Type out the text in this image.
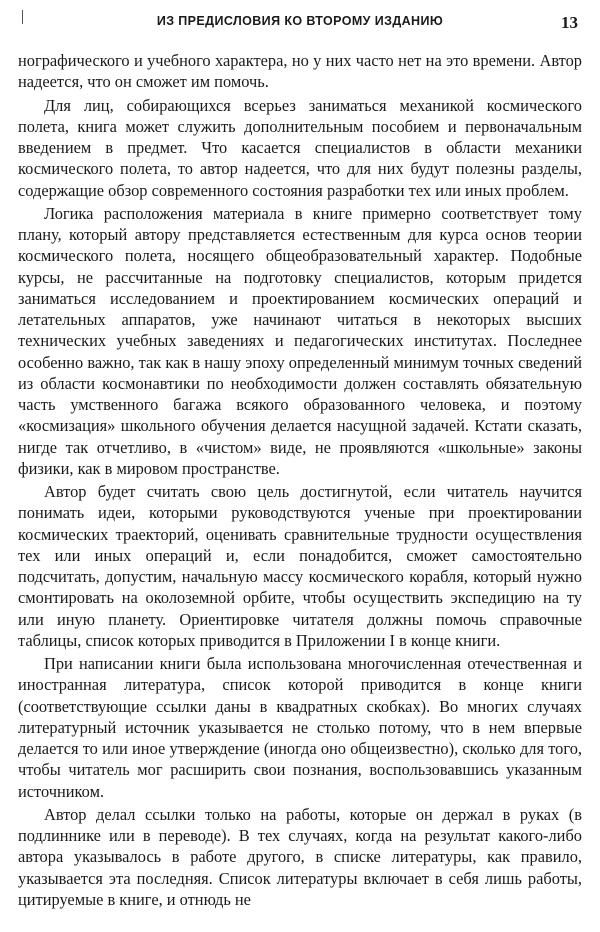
ИЗ ПРЕДИСЛОВИЯ КО ВТОРОМУ ИЗДАНИЮ	13

нографического и учебного характера, но у них часто нет на это времени. Автор надеется, что он сможет им помочь.

Для лиц, собирающихся всерьез заниматься механикой космического полета, книга может служить дополнительным пособием и первоначальным введением в предмет. Что касается специалистов в области механики космического полета, то автор надеется, что для них будут полезны разделы, содержащие обзор современного состояния разработки тех или иных проблем.

Логика расположения материала в книге примерно соответствует тому плану, который автору представляется естественным для курса основ теории космического полета, носящего общеобразовательный характер. Подобные курсы, не рассчитанные на подготовку специалистов, которым придется заниматься исследованием и проектированием космических операций и летательных аппаратов, уже начинают читаться в некоторых высших технических учебных заведениях и педагогических институтах. Последнее особенно важно, так как в нашу эпоху определенный минимум точных сведений из области космонавтики по необходимости должен составлять обязательную часть умственного багажа всякого образованного человека, и поэтому «космизация» школьного обучения делается насущной задачей. Кстати сказать, нигде так отчетливо, в «чистом» виде, не проявляются «школьные» законы физики, как в мировом пространстве.

Автор будет считать свою цель достигнутой, если читатель научится понимать идеи, которыми руководствуются ученые при проектировании космических траекторий, оценивать сравнительные трудности осуществления тех или иных операций и, если понадобится, сможет самостоятельно подсчитать, допустим, начальную массу космического корабля, который нужно смонтировать на околоземной орбите, чтобы осуществить экспедицию на ту или иную планету. Ориентировке читателя должны помочь справочные таблицы, список которых приводится в Приложении I в конце книги.

При написании книги была использована многочисленная отечественная и иностранная литература, список которой приводится в конце книги (соответствующие ссылки даны в квадратных скобках). Во многих случаях литературный источник указывается не столько потому, что в нем впервые делается то или иное утверждение (иногда оно общеизвестно), сколько для того, чтобы читатель мог расширить свои познания, воспользовавшись указанным источником.

Автор делал ссылки только на работы, которые он держал в руках (в подлиннике или в переводе). В тех случаях, когда на результат какого-либо автора указывалось в работе другого, в списке литературы, как правило, указывается эта последняя. Список литературы включает в себя лишь работы, цитируемые в книге, и отнюдь не
